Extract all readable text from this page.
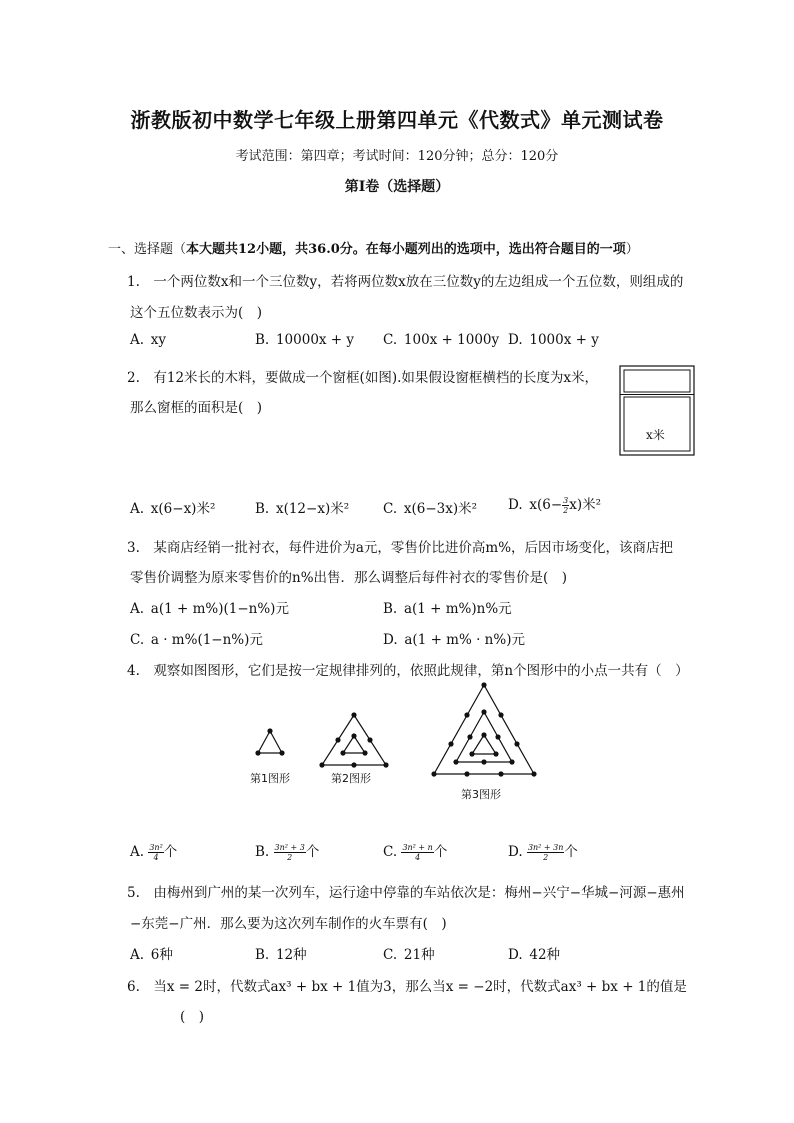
浙教版初中数学七年级上册第四单元《代数式》单元测试卷
考试范围：第四章；考试时间：120分钟；总分：120分
第Ⅰ卷（选择题）
一、选择题（本大题共12小题，共36.0分。在每小题列出的选项中，选出符合题目的一项）
1. 一个两位数x和一个三位数y，若将两位数x放在三位数y的左边组成一个五位数，则组成的
这个五位数表示为(　)
A. xy	B. 10000x + y C. 100x + 1000y D. 1000x + y
2. 有12米长的木料，要做成一个窗框(如图).如果假设窗框横档的长度为x米，
那么窗框的面积是(　)
x米
A. x(6−x)米²	B. x(12−x)米²	C. x(6−3x)米² D. $x(6- \frac{3}{2} x)$米²
3. 某商店经销一批衬衣，每件进价为a元，零售价比进价高m%，后因市场变化，该商店把
零售价调整为原来零售价的n%出售．那么调整后每件衬衣的零售价是(　)
A. a(1 + m%)(1−n%)元	B. a(1 + m%)n%元
C. a · m%(1−n%)元	D. a(1 + m% · n%)元
4. 观察如图图形，它们是按一定规律排列的，依照此规律，第n个图形中的小点一共有（　）
第1图形	第2图形
第3图形
A. $\frac{\text{3n²}}{4}$ 个	B. $\frac{\text{3n² + 3}}{2}$ 个	C. $\frac{\text{3n² + n}}{4}$ 个	D. $\frac{\text{3n² + 3n}}{2}$ 个
5. 由梅州到广州的某一次列车，运行途中停靠的车站依次是：梅州−兴宁−华城−河源−惠州
−东莞−广州．那么要为这次列车制作的火车票有(　)
A. 6种	B. 12种	C. 21种	D. 42种
6. 当x = 2时，代数式ax³ + bx + 1值为3，那么当x = −2时，代数式ax³ + bx + 1的值是
(　)
